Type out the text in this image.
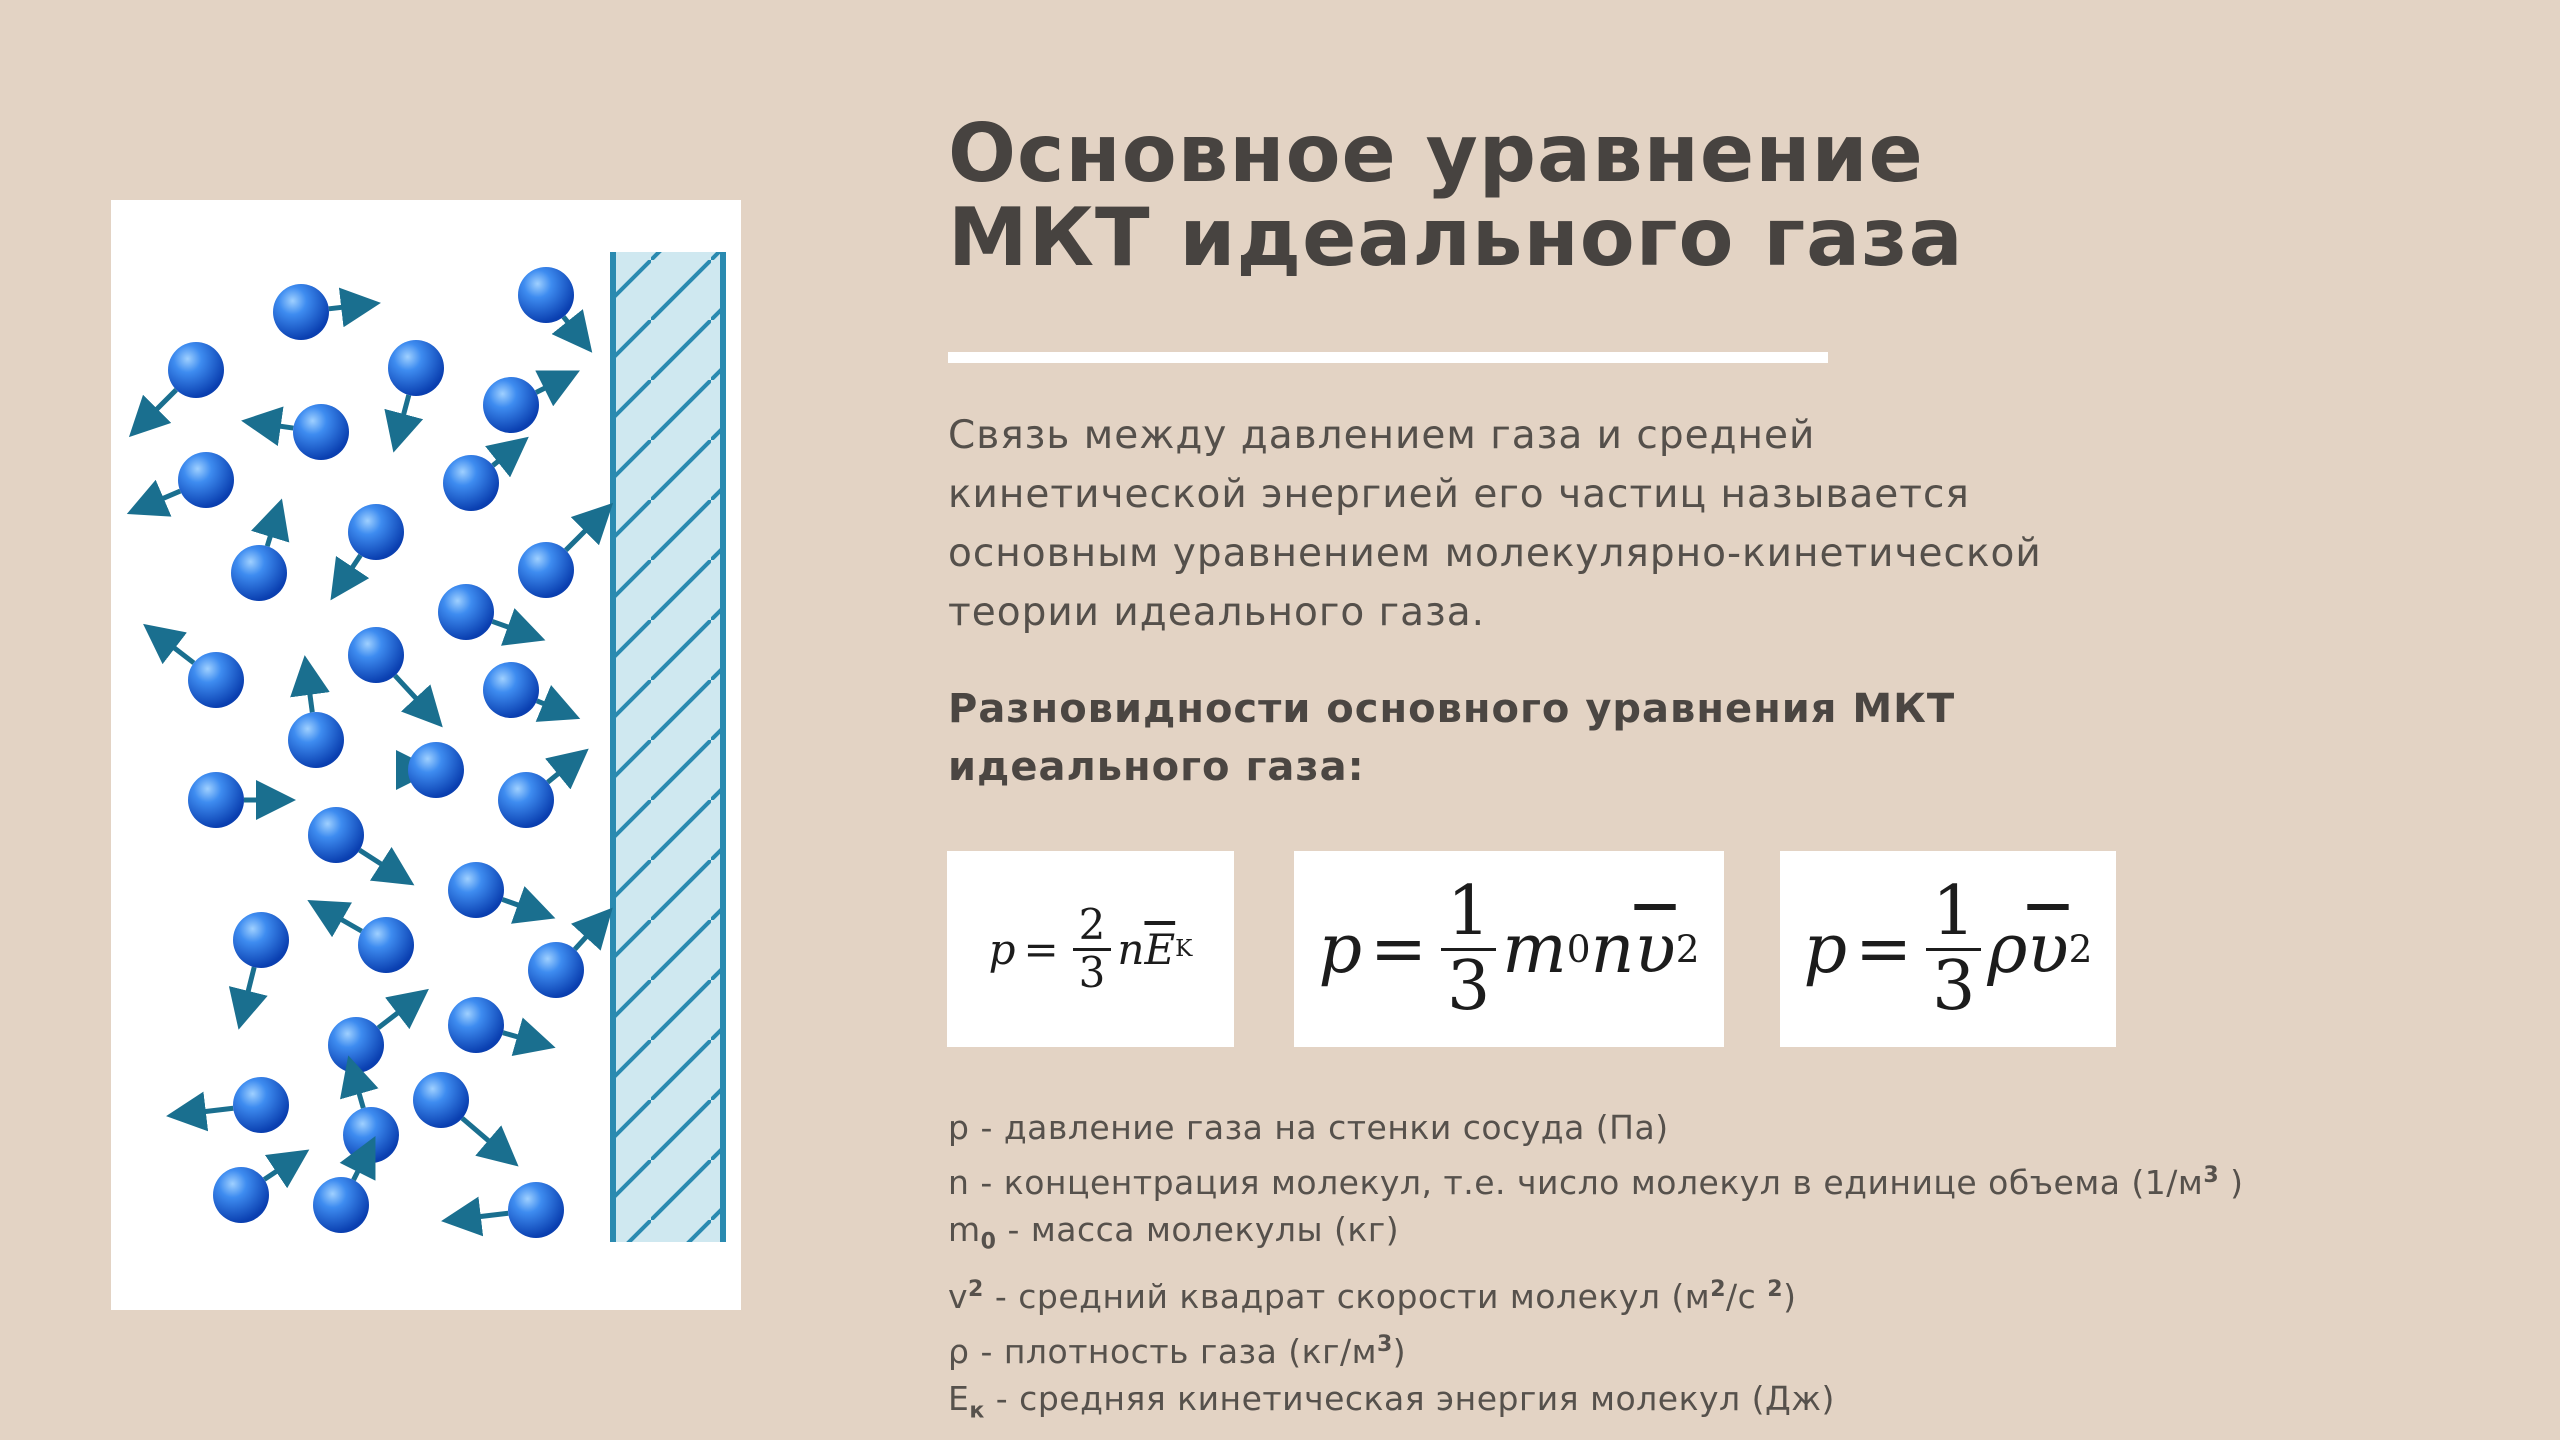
Основное уравнение
МКТ идеального газа
Связь между давлением газа и средней кинетической энергией его частиц называется основным уравнением молекулярно-кинетической теории идеального газа.
Разновидности основного уравнения МКТ идеального газа:
$p = \frac{2}{3}$ n $\overline{E}$ K $p = \frac{1}{3}$ m 0 n $\overline{\upsilon}$ 2 $p = \frac{1}{3}$ ρ $\overline{\upsilon}$ 2
p - давление газа на стенки сосуда (Па)
n - концентрация молекул, т.е. число молекул в единице объема ($1/м^3$ )
$m_0$ - масса молекулы (кг)
$v^2$ - средний квадрат скорости молекул ($м^2/с$ $^2$)
ρ - плотность газа $(кг/м^3)$
$E_к$ - средняя кинетическая энергия молекул (Дж)
